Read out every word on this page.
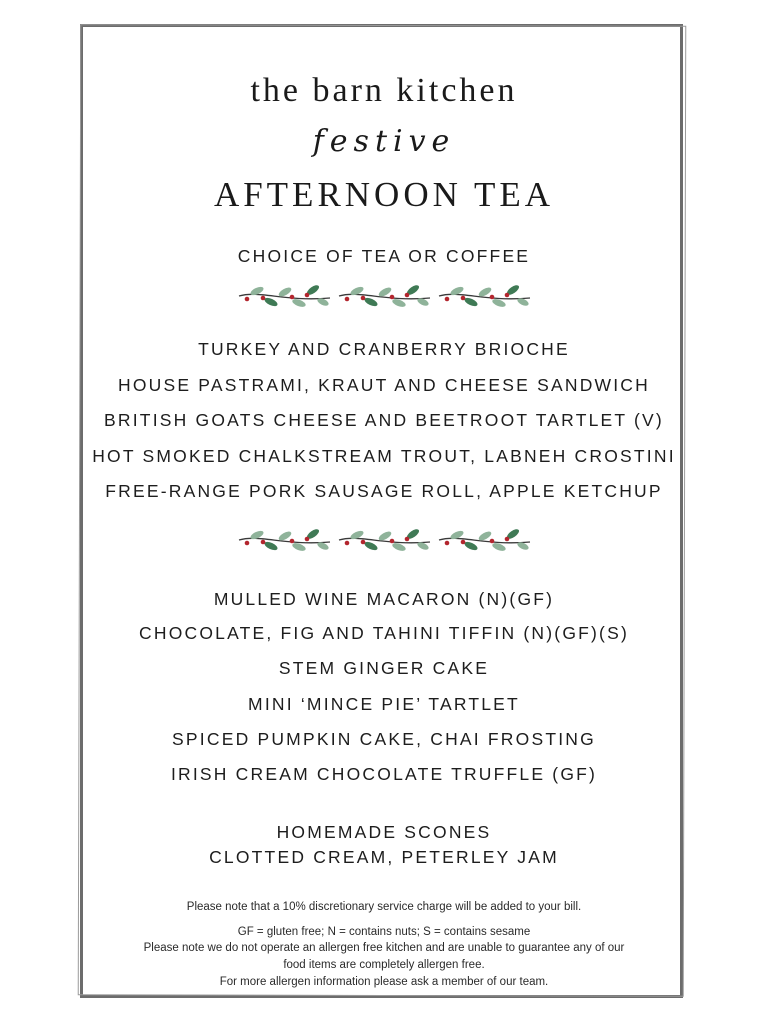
the barn kitchen
festive
AFTERNOON TEA
CHOICE OF TEA OR COFFEE
TURKEY AND CRANBERRY BRIOCHE
HOUSE PASTRAMI, KRAUT AND CHEESE SANDWICH
BRITISH GOATS CHEESE AND BEETROOT TARTLET (V)
HOT SMOKED CHALKSTREAM TROUT, LABNEH CROSTINI
FREE-RANGE PORK SAUSAGE ROLL, APPLE KETCHUP
MULLED WINE MACARON (N)(GF)
CHOCOLATE, FIG AND TAHINI TIFFIN (N)(GF)(S)
STEM GINGER CAKE
MINI ‘MINCE PIE’ TARTLET
SPICED PUMPKIN CAKE, CHAI FROSTING
IRISH CREAM CHOCOLATE TRUFFLE (GF)
HOMEMADE SCONES
CLOTTED CREAM, PETERLEY JAM
Please note that a 10% discretionary service charge will be added to your bill.
GF = gluten free; N = contains nuts; S = contains sesame
Please note we do not operate an allergen free kitchen and are unable to guarantee any of our
food items are completely allergen free.
For more allergen information please ask a member of our team.
